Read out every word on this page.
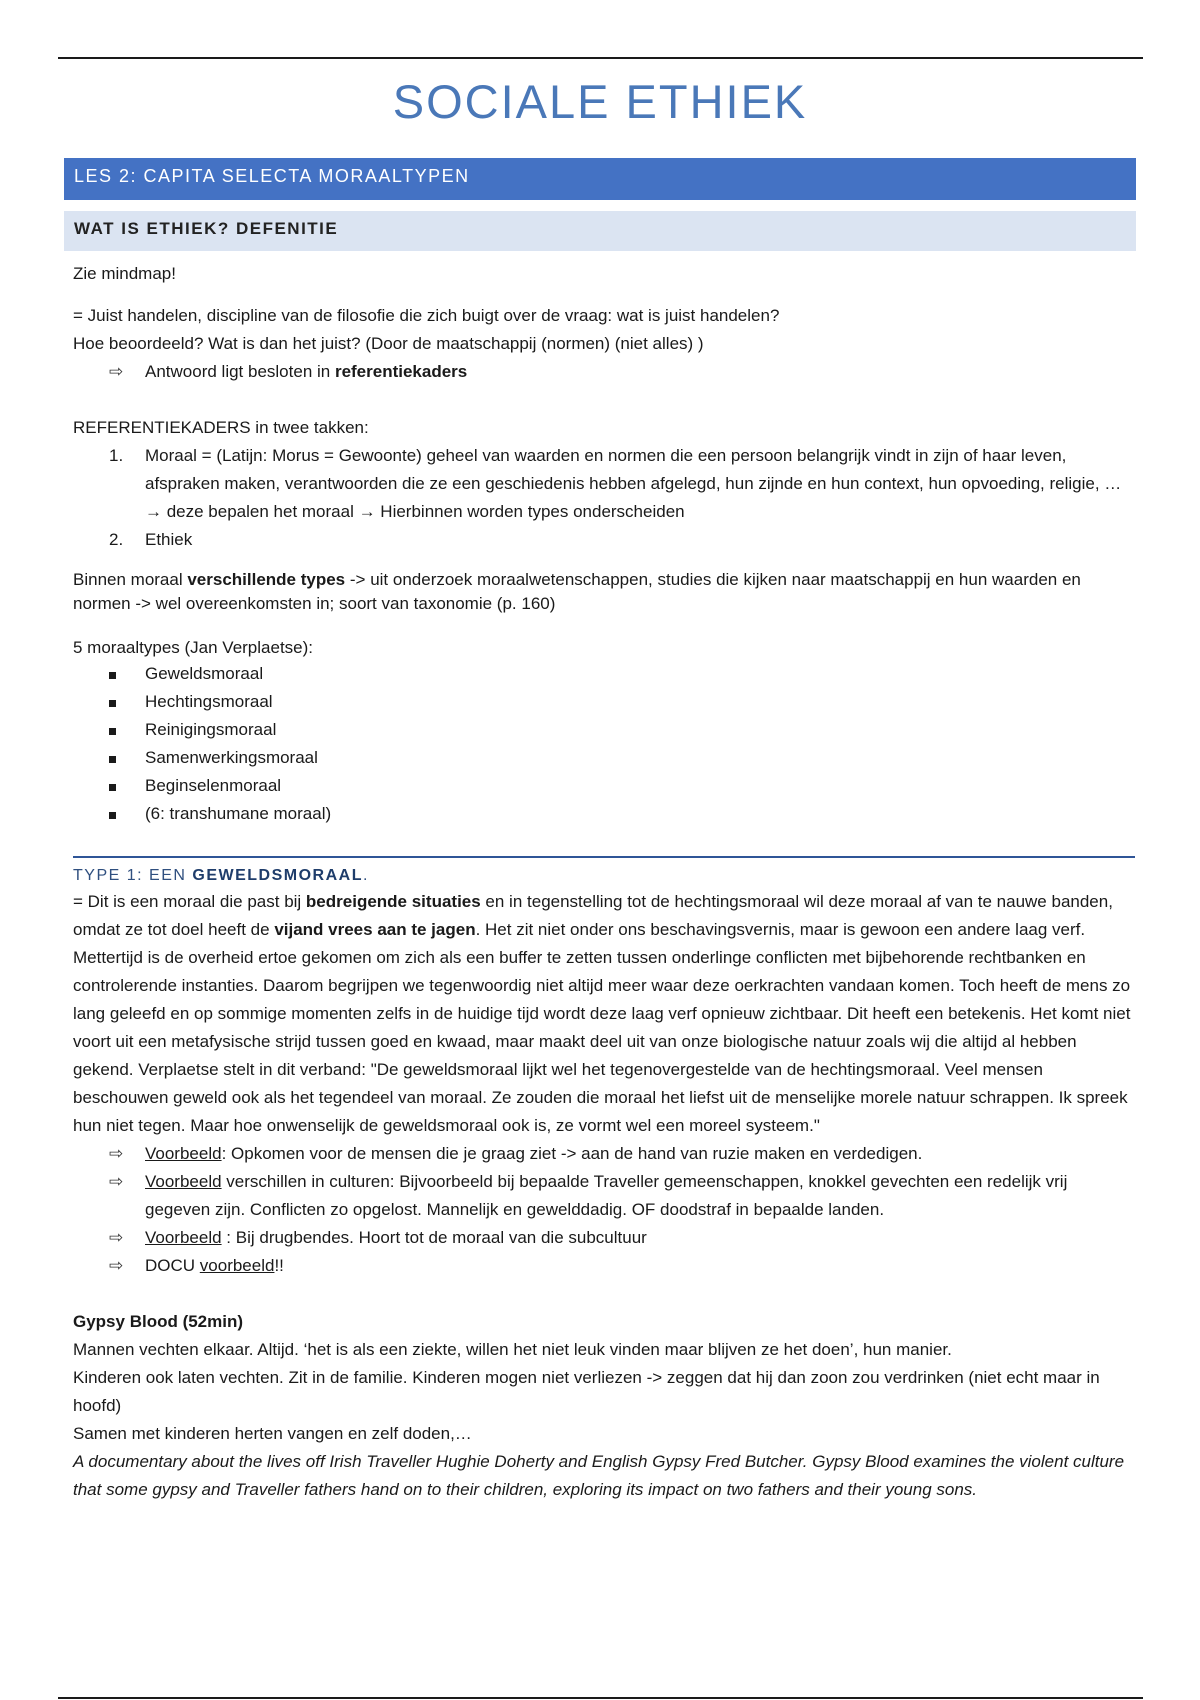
SOCIALE ETHIEK
LES 2: CAPITA SELECTA MORAALTYPEN
WAT IS ETHIEK? DEFENITIE

Zie mindmap!

= Juist handelen, discipline van de filosofie die zich buigt over de vraag: wat is juist handelen?

Hoe beoordeeld? Wat is dan het juist? (Door de maatschappij (normen) (niet alles) )

⇨	Antwoord ligt besloten in referentiekaders

REFERENTIEKADERS in twee takken:

1.	Moraal = (Latijn: Morus = Gewoonte) geheel van waarden en normen die een persoon belangrijk vindt in zijn of haar leven, afspraken maken, verantwoorden die ze een geschiedenis hebben afgelegd, hun zijnde en hun context, hun opvoeding, religie, … → deze bepalen het moraal → Hierbinnen worden types onderscheiden
2.	Ethiek

Binnen moraal verschillende types -> uit onderzoek moraalwetenschappen, studies die kijken naar maatschappij en hun waarden en normen -> wel overeenkomsten in; soort van taxonomie (p. 160)

5 moraaltypes (Jan Verplaetse):

Geweldsmoraal
Hechtingsmoraal
Reinigingsmoraal
Samenwerkingsmoraal
Beginselenmoraal
(6: transhumane moraal)
TYPE 1: EEN GEWELDSMORAAL.

= Dit is een moraal die past bij bedreigende situaties en in tegenstelling tot de hechtingsmoraal wil deze moraal af van te nauwe banden, omdat ze tot doel heeft de vijand vrees aan te jagen. Het zit niet onder ons beschavingsvernis, maar is gewoon een andere laag verf. Mettertijd is de overheid ertoe gekomen om zich als een buffer te zetten tussen onderlinge conflicten met bijbehorende rechtbanken en controlerende instanties. Daarom begrijpen we tegenwoordig niet altijd meer waar deze oerkrachten vandaan komen. Toch heeft de mens zo lang geleefd en op sommige momenten zelfs in de huidige tijd wordt deze laag verf opnieuw zichtbaar. Dit heeft een betekenis. Het komt niet voort uit een metafysische strijd tussen goed en kwaad, maar maakt deel uit van onze biologische natuur zoals wij die altijd al hebben gekend. Verplaetse stelt in dit verband: "De geweldsmoraal lijkt wel het tegenovergestelde van de hechtingsmoraal. Veel mensen beschouwen geweld ook als het tegendeel van moraal. Ze zouden die moraal het liefst uit de menselijke morele natuur schrappen. Ik spreek hun niet tegen. Maar hoe onwenselijk de geweldsmoraal ook is, ze vormt wel een moreel systeem."

⇨	Voorbeeld: Opkomen voor de mensen die je graag ziet -> aan de hand van ruzie maken en verdedigen.
⇨	Voorbeeld verschillen in culturen: Bijvoorbeeld bij bepaalde Traveller gemeenschappen, knokkel gevechten een redelijk vrij gegeven zijn. Conflicten zo opgelost. Mannelijk en gewelddadig. OF doodstraf in bepaalde landen.
⇨	Voorbeeld : Bij drugbendes. Hoort tot de moraal van die subcultuur
⇨	DOCU voorbeeld!!

Gypsy Blood (52min)

Mannen vechten elkaar. Altijd. ‘het is als een ziekte, willen het niet leuk vinden maar blijven ze het doen’, hun manier.

Kinderen ook laten vechten. Zit in de familie. Kinderen mogen niet verliezen -> zeggen dat hij dan zoon zou verdrinken (niet echt maar in hoofd)

Samen met kinderen herten vangen en zelf doden,…

A documentary about the lives off Irish Traveller Hughie Doherty and English Gypsy Fred Butcher. Gypsy Blood examines the violent culture that some gypsy and Traveller fathers hand on to their children, exploring its impact on two fathers and their young sons.
